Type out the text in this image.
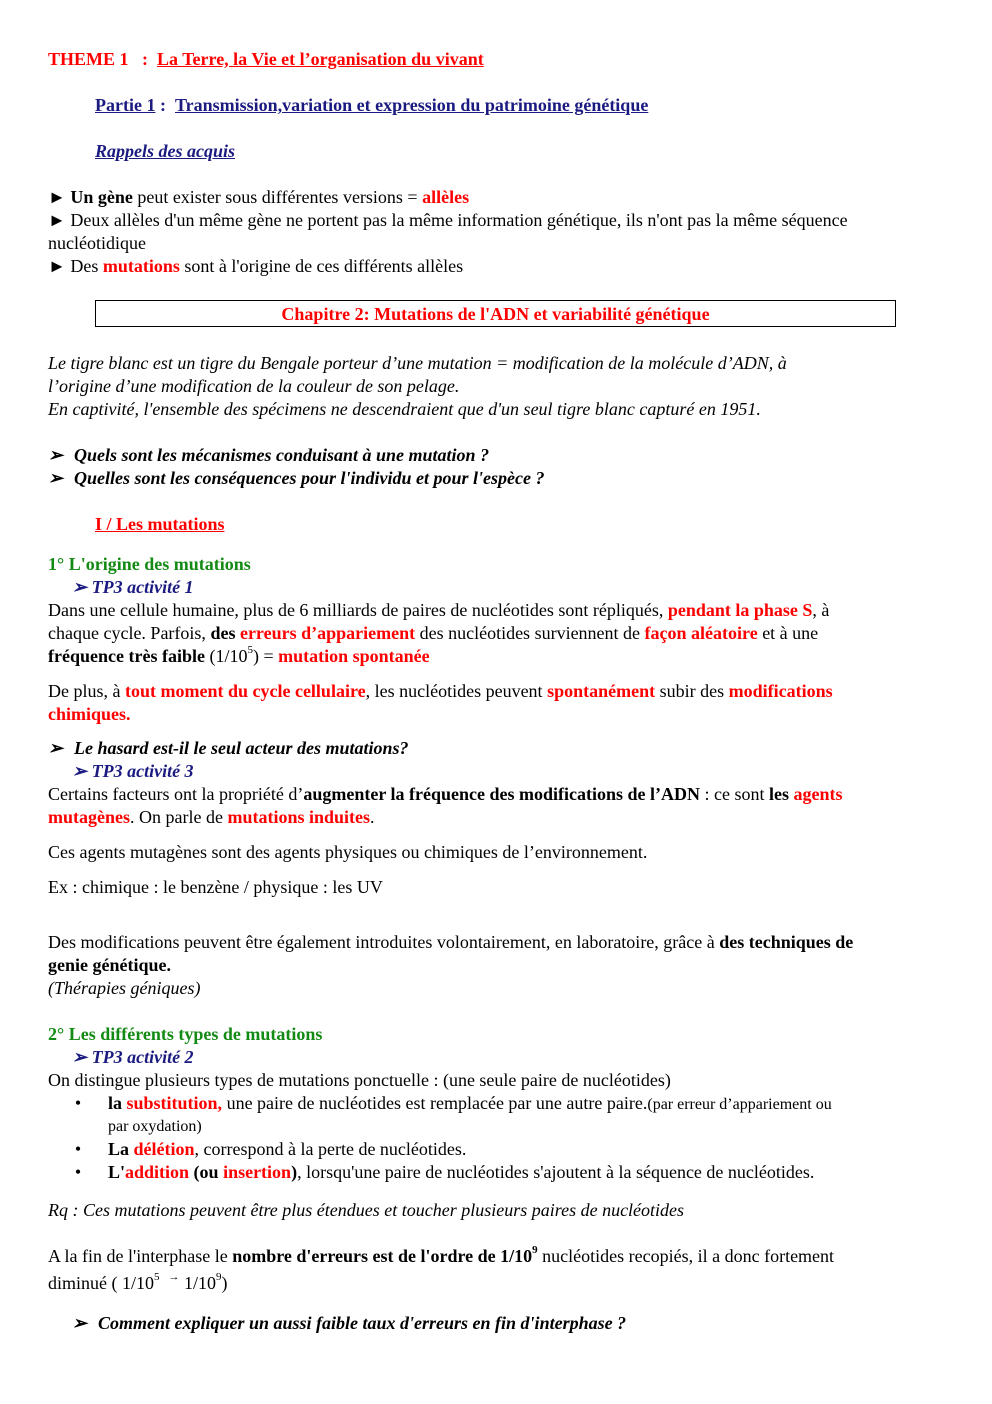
THEME 1 : La Terre, la Vie et l’organisation du vivant
Partie 1 : Transmission,variation et expression du patrimoine génétique
Rappels des acquis
► Un gène peut exister sous différentes versions = allèles
► Deux allèles d'un même gène ne portent pas la même information génétique, ils n'ont pas la même séquence
nucléotidique
► Des mutations sont à l'origine de ces différents allèles
Chapitre 2: Mutations de l'ADN et variabilité génétique
Le tigre blanc est un tigre du Bengale porteur d’une mutation = modification de la molécule d’ADN, à
l’origine d’une modification de la couleur de son pelage.
En captivité, l'ensemble des spécimens ne descendraient que d'un seul tigre blanc capturé en 1951.
➢ Quels sont les mécanismes conduisant à une mutation ?
➢ Quelles sont les conséquences pour l'individu et pour l'espèce ?
I / Les mutations
1° L'origine des mutations
➢ TP3 activité 1
Dans une cellule humaine, plus de 6 milliards de paires de nucléotides sont répliqués, pendant la phase S, à
chaque cycle. Parfois, des erreurs d’appariement des nucléotides surviennent de façon aléatoire et à une
fréquence très faible $(1/10^5)$ = mutation spontanée
De plus, à tout moment du cycle cellulaire, les nucléotides peuvent spontanément subir des modifications
chimiques.
➢ Le hasard est-il le seul acteur des mutations?
➢ TP3 activité 3
Certains facteurs ont la propriété d’augmenter la fréquence des modifications de l’ADN : ce sont les agents
mutagènes. On parle de mutations induites.
Ces agents mutagènes sont des agents physiques ou chimiques de l’environnement.
Ex : chimique : le benzène / physique : les UV
Des modifications peuvent être également introduites volontairement, en laboratoire, grâce à des techniques de
genie génétique.
(Thérapies géniques)
2° Les différents types de mutations
➢ TP3 activité 2
On distingue plusieurs types de mutations ponctuelle : (une seule paire de nucléotides)
• la substitution, une paire de nucléotides est remplacée par une autre paire.(par erreur d’appariement ou
par oxydation)
• La délétion, correspond à la perte de nucléotides.
• L'addition (ou insertion), lorsqu'une paire de nucléotides s'ajoutent à la séquence de nucléotides.
Rq : Ces mutations peuvent être plus étendues et toucher plusieurs paires de nucléotides
A la fin de l'interphase le nombre d'erreurs est de l'ordre de $1/10^9$ nucléotides recopiés, il a donc fortement
diminué ( $1/10^5$ → $1/10^9$)
➢ Comment expliquer un aussi faible taux d'erreurs en fin d'interphase ?
